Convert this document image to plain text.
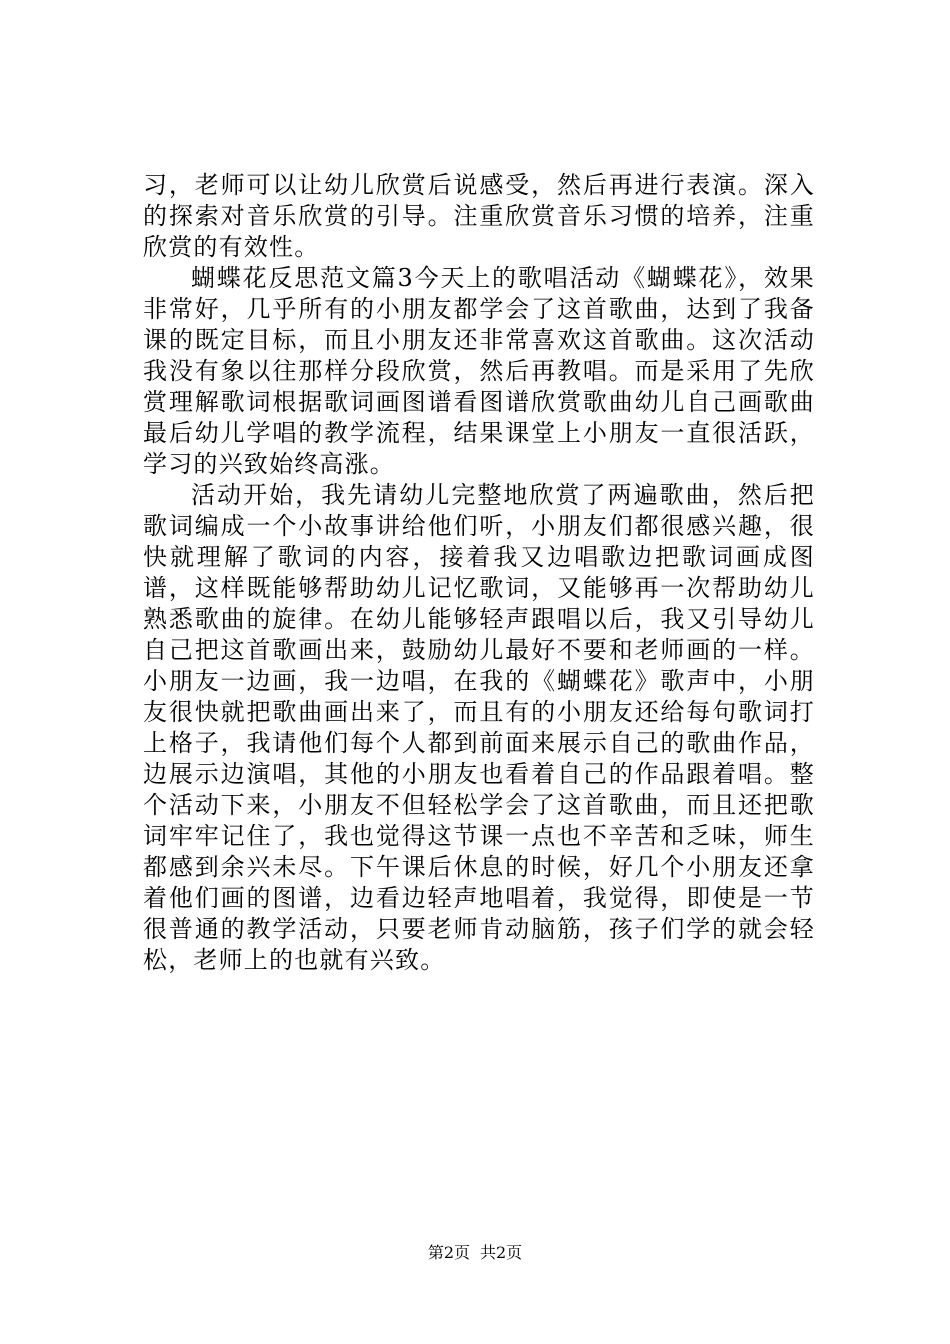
习，老师可以让幼儿欣赏后说感受，然后再进行表演。深入的探索对音乐欣赏的引导。注重欣赏音乐习惯的培养，注重欣赏的有效性。

蝴蝶花反思范文篇3今天上的歌唱活动《蝴蝶花》，效果非常好，几乎所有的小朋友都学会了这首歌曲，达到了我备课的既定目标，而且小朋友还非常喜欢这首歌曲。这次活动我没有象以往那样分段欣赏，然后再教唱。而是采用了先欣赏理解歌词根据歌词画图谱看图谱欣赏歌曲幼儿自己画歌曲最后幼儿学唱的教学流程，结果课堂上小朋友一直很活跃，学习的兴致始终高涨。

活动开始，我先请幼儿完整地欣赏了两遍歌曲，然后把歌词编成一个小故事讲给他们听，小朋友们都很感兴趣，很快就理解了歌词的内容，接着我又边唱歌边把歌词画成图谱，这样既能够帮助幼儿记忆歌词，又能够再一次帮助幼儿熟悉歌曲的旋律。在幼儿能够轻声跟唱以后，我又引导幼儿自己把这首歌画出来，鼓励幼儿最好不要和老师画的一样。小朋友一边画，我一边唱，在我的《蝴蝶花》歌声中，小朋友很快就把歌曲画出来了，而且有的小朋友还给每句歌词打上格子，我请他们每个人都到前面来展示自己的歌曲作品，边展示边演唱，其他的小朋友也看着自己的作品跟着唱。整个活动下来，小朋友不但轻松学会了这首歌曲，而且还把歌词牢牢记住了，我也觉得这节课一点也不辛苦和乏味，师生都感到余兴未尽。下午课后休息的时候，好几个小朋友还拿着他们画的图谱，边看边轻声地唱着，我觉得，即使是一节很普通的教学活动，只要老师肯动脑筋，孩子们学的就会轻松，老师上的也就有兴致。

第2页 共2页
